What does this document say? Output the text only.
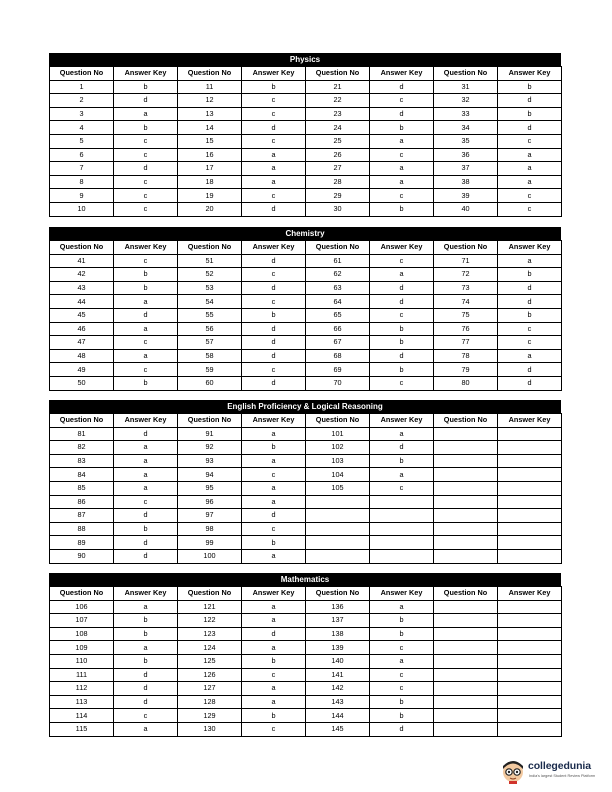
Physics
Question No	Answer Key	Question No	Answer Key	Question No	Answer Key	Question No	Answer Key
1	b	11	b	21	d	31	b
2	d	12	c	22	c	32	d
3	a	13	c	23	d	33	b
4	b	14	d	24	b	34	d
5	c	15	c	25	a	35	c
6	c	16	a	26	c	36	a
7	d	17	a	27	a	37	a
8	c	18	a	28	a	38	a
9	c	19	c	29	c	39	c
10	c	20	d	30	b	40	c
Chemistry
Question No	Answer Key	Question No	Answer Key	Question No	Answer Key	Question No	Answer Key
41	c	51	d	61	c	71	a
42	b	52	c	62	a	72	b
43	b	53	d	63	d	73	d
44	a	54	c	64	d	74	d
45	d	55	b	65	c	75	b
46	a	56	d	66	b	76	c
47	c	57	d	67	b	77	c
48	a	58	d	68	d	78	a
49	c	59	c	69	b	79	d
50	b	60	d	70	c	80	d
English Proficiency & Logical Reasoning
Question No	Answer Key	Question No	Answer Key	Question No	Answer Key	Question No	Answer Key
81	d	91	a	101	a		
82	a	92	b	102	d		
83	a	93	a	103	b		
84	a	94	c	104	a		
85	a	95	a	105	c		
86	c	96	a				
87	d	97	d				
88	b	98	c				
89	d	99	b				
90	d	100	a				
Mathematics
Question No	Answer Key	Question No	Answer Key	Question No	Answer Key	Question No	Answer Key
106	a	121	a	136	a		
107	b	122	a	137	b		
108	b	123	d	138	b		
109	a	124	a	139	c		
110	b	125	b	140	a		
111	d	126	c	141	c		
112	d	127	a	142	c		
113	d	128	a	143	b		
114	c	129	b	144	b		
115	a	130	c	145	d		
collegedunia
India's largest Student Review Platform
